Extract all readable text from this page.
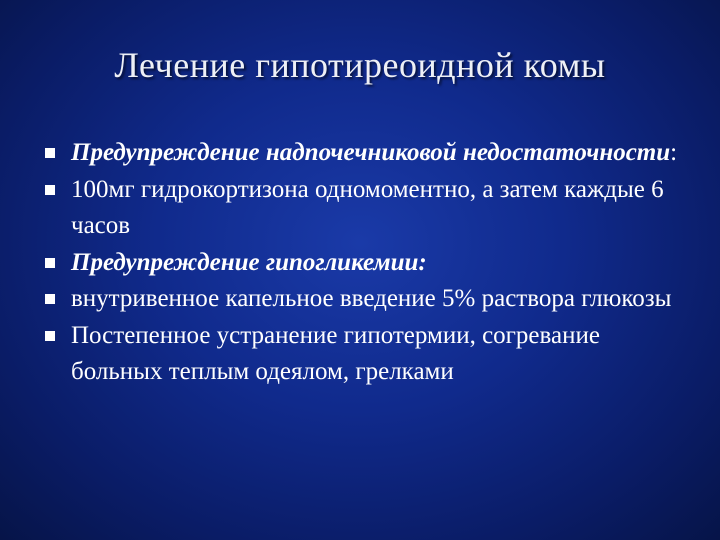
Лечение гипотиреоидной комы
Предупреждение надпочечниковой недостаточности:
100мг гидрокортизона одномоментно, а затем каждые 6 часов
Предупреждение гипогликемии:
внутривенное капельное введение 5% раствора глюкозы
Постепенное устранение гипотермии, согревание больных теплым одеялом, грелками
